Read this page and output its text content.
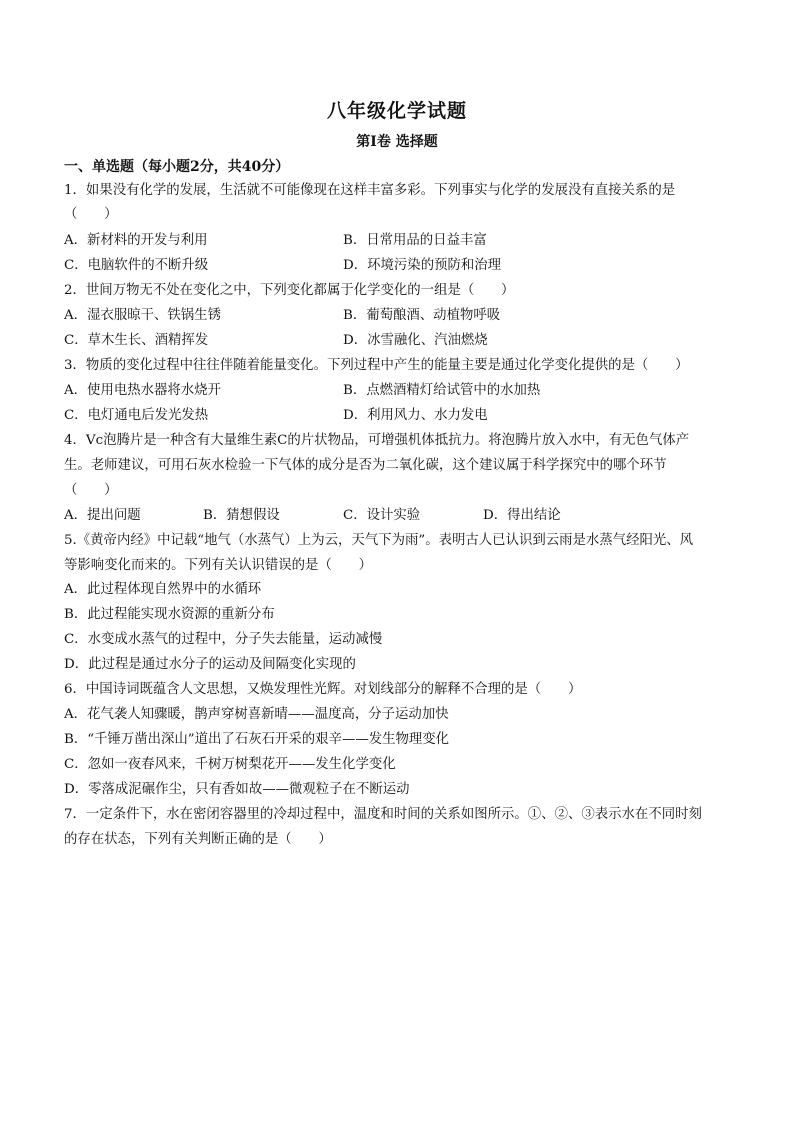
八年级化学试题
第Ⅰ卷 选择题
一、单选题（每小题2分，共40分）
1．如果没有化学的发展，生活就不可能像现在这样丰富多彩。下列事实与化学的发展没有直接关系的是
（　　）
A．新材料的开发与利用	B．日常用品的日益丰富
C．电脑软件的不断升级	D．环境污染的预防和治理
2．世间万物无不处在变化之中，下列变化都属于化学变化的一组是（　　）
A．湿衣服晾干、铁锅生锈	B．葡萄酿酒、动植物呼吸
C．草木生长、酒精挥发	D．冰雪融化、汽油燃烧
3．物质的变化过程中往往伴随着能量变化。下列过程中产生的能量主要是通过化学变化提供的是（　　）
A．使用电热水器将水烧开	B．点燃酒精灯给试管中的水加热
C．电灯通电后发光发热	D．利用风力、水力发电
4．Vc泡腾片是一种含有大量维生素C的片状物品，可增强机体抵抗力。将泡腾片放入水中，有无色气体产
生。老师建议，可用石灰水检验一下气体的成分是否为二氧化碳，这个建议属于科学探究中的哪个环节
（　　）
A．提出问题	B．猜想假设	C．设计实验	D．得出结论
5.《黄帝内经》中记载“地气（水蒸气）上为云，天气下为雨”。表明古人已认识到云雨是水蒸气经阳光、风
等影响变化而来的。下列有关认识错误的是（　　）
A．此过程体现自然界中的水循环
B．此过程能实现水资源的重新分布
C．水变成水蒸气的过程中，分子失去能量，运动减慢
D．此过程是通过水分子的运动及间隔变化实现的
6．中国诗词既蕴含人文思想，又焕发理性光辉。对划线部分的解释不合理的是（　　）
A．花气袭人知骤暖，鹊声穿树喜新晴——温度高，分子运动加快
B．“千锤万凿出深山”道出了石灰石开采的艰辛——发生物理变化
C．忽如一夜春风来，千树万树梨花开——发生化学变化
D．零落成泥碾作尘，只有香如故——微观粒子在不断运动
7．一定条件下，水在密闭容器里的冷却过程中，温度和时间的关系如图所示。①、②、③表示水在不同时刻
的存在状态，下列有关判断正确的是（　　）
